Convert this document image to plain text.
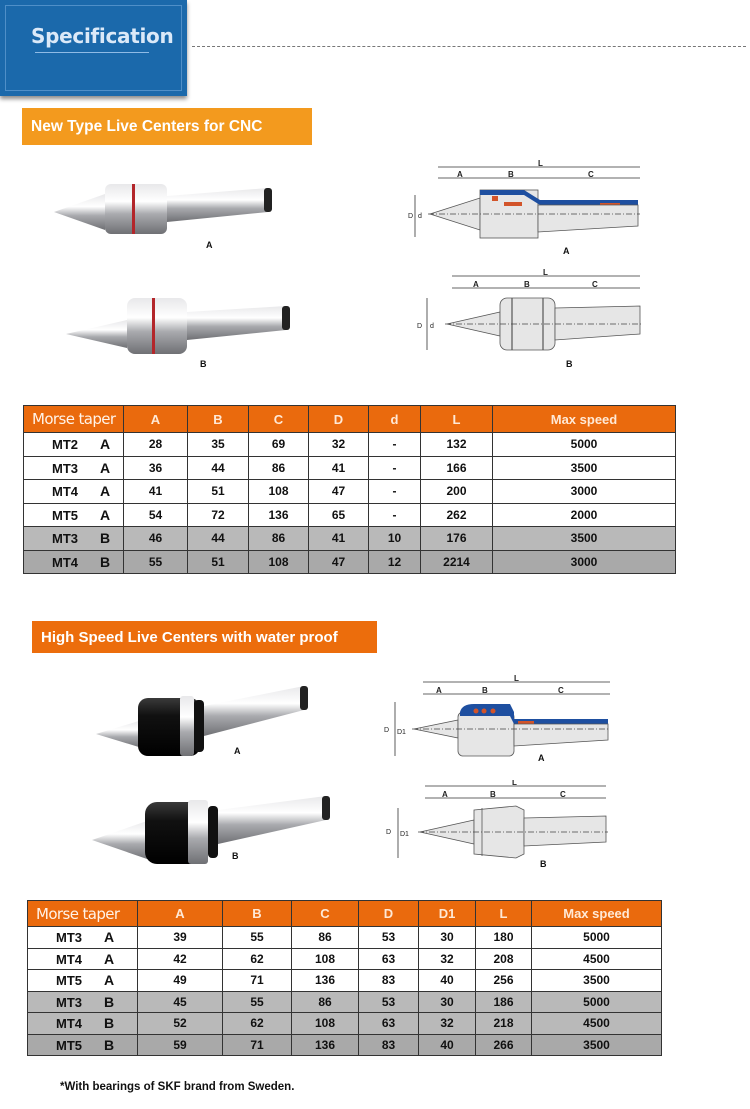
Specification
New Type Live Centers for CNC
A
B
L
A	B	C
D d
A
L
A	B	C
D d
B
Morse taper	A	B	C	D	d	L	Max speed
MT2 A	28	35	69	32	-	132	5000
MT3 A	36	44	86	41	-	166	3500
MT4 A	41	51	108	47	-	200	3000
MT5 A	54	72	136	65	-	262	2000
MT3 B	46	44	86	41	10	176	3500
MT4 B	55	51	108	47	12	2214	3000
High Speed Live Centers with water proof
A
B
L
A	B	C
D D1
A
L
A	B	C
D D1
B
Morse taper	A	B	C	D	D1	L	Max speed
MT3 A	39	55	86	53	30	180	5000
MT4 A	42	62	108	63	32	208	4500
MT5 A	49	71	136	83	40	256	3500
MT3 B	45	55	86	53	30	186	5000
MT4 B	52	62	108	63	32	218	4500
MT5 B	59	71	136	83	40	266	3500
*With bearings of SKF brand from Sweden.
